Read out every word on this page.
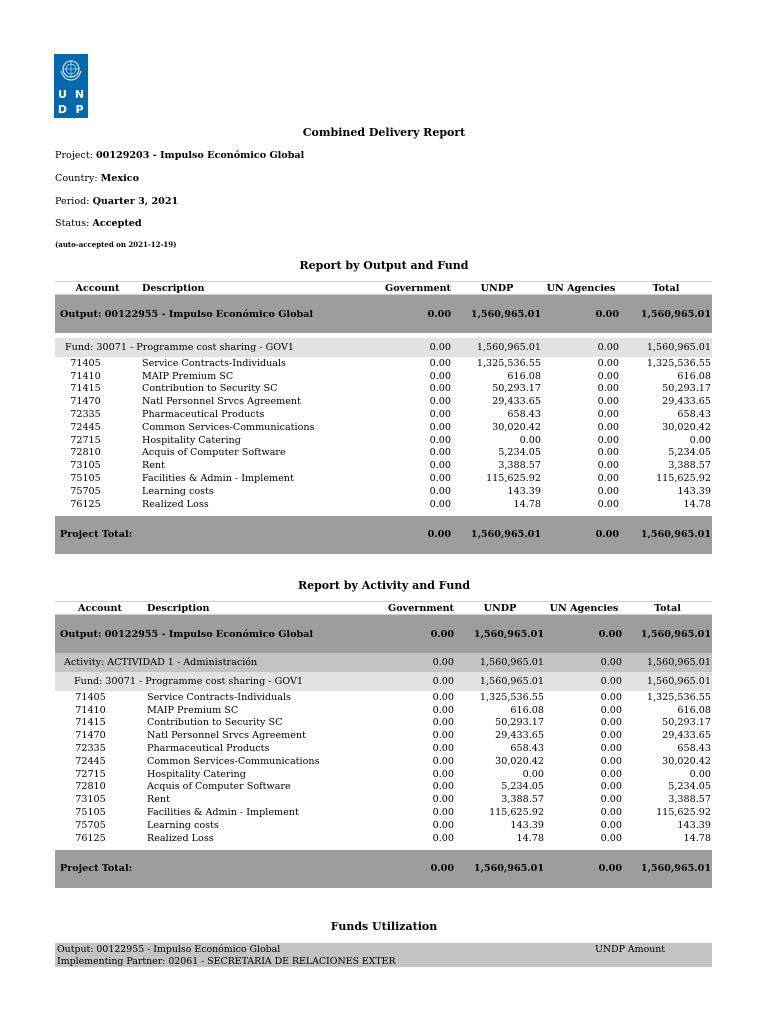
U N
D P
Combined Delivery Report
Project: 00129203 - Impulso Económico Global
Country: Mexico
Period: Quarter 3, 2021
Status: Accepted
(auto-accepted on 2021-12-19)
Report by Output and Fund
Account	Description	Government	UNDP	UN Agencies	Total
Output: 00122955 - Impulso Económico Global		0.00	1,560,965.01	0.00	1,560,965.01

Fund: 30071 - Programme cost sharing - GOV1		0.00	1,560,965.01	0.00	1,560,965.01
71405	Service Contracts-Individuals	0.00	1,325,536.55	0.00	1,325,536.55
71410	MAIP Premium SC	0.00	616.08	0.00	616.08
71415	Contribution to Security SC	0.00	50,293.17	0.00	50,293.17
71470	Natl Personnel Srvcs Agreement	0.00	29,433.65	0.00	29,433.65
72335	Pharmaceutical Products	0.00	658.43	0.00	658.43
72445	Common Services-Communications	0.00	30,020.42	0.00	30,020.42
72715	Hospitality Catering	0.00	0.00	0.00	0.00
72810	Acquis of Computer Software	0.00	5,234.05	0.00	5,234.05
73105	Rent	0.00	3,388.57	0.00	3,388.57
75105	Facilities & Admin - Implement	0.00	115,625.92	0.00	115,625.92
75705	Learning costs	0.00	143.39	0.00	143.39
76125	Realized Loss	0.00	14.78	0.00	14.78

Project Total:		0.00	1,560,965.01	0.00	1,560,965.01
Report by Activity and Fund
Account	Description	Government	UNDP	UN Agencies	Total
Output: 00122955 - Impulso Económico Global		0.00	1,560,965.01	0.00	1,560,965.01
Activity: ACTIVIDAD 1 - Administración		0.00	1,560,965.01	0.00	1,560,965.01
Fund: 30071 - Programme cost sharing - GOV1		0.00	1,560,965.01	0.00	1,560,965.01
71405	Service Contracts-Individuals	0.00	1,325,536.55	0.00	1,325,536.55
71410	MAIP Premium SC	0.00	616.08	0.00	616.08
71415	Contribution to Security SC	0.00	50,293.17	0.00	50,293.17
71470	Natl Personnel Srvcs Agreement	0.00	29,433.65	0.00	29,433.65
72335	Pharmaceutical Products	0.00	658.43	0.00	658.43
72445	Common Services-Communications	0.00	30,020.42	0.00	30,020.42
72715	Hospitality Catering	0.00	0.00	0.00	0.00
72810	Acquis of Computer Software	0.00	5,234.05	0.00	5,234.05
73105	Rent	0.00	3,388.57	0.00	3,388.57
75105	Facilities & Admin - Implement	0.00	115,625.92	0.00	115,625.92
75705	Learning costs	0.00	143.39	0.00	143.39
76125	Realized Loss	0.00	14.78	0.00	14.78

Project Total:		0.00	1,560,965.01	0.00	1,560,965.01
Funds Utilization
Output: 00122955 - Impulso Económico Global
Implementing Partner: 02061 - SECRETARIA DE RELACIONES EXTER
UNDP Amount
